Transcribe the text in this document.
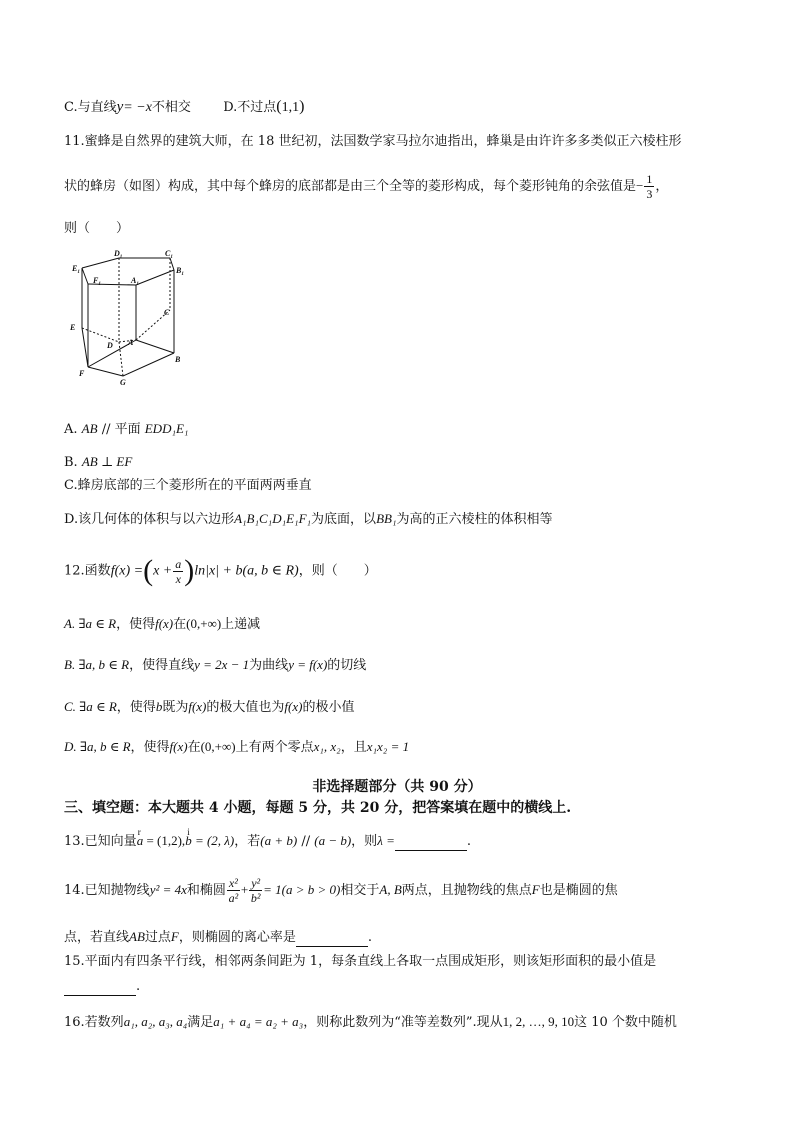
C.与直线y= −x不相交 D.不过点(1,1)
11.蜜蜂是自然界的建筑大师，在 18 世纪初，法国数学家马拉尔迪指出，蜂巢是由许许多多类似正六棱柱形
状的蜂房（如图）构成，其中每个蜂房的底部都是由三个全等的菱形构成，每个菱形钝角的余弦值是− $\frac{1}{3}$ ，
则（　　）
$D_1$	$C_1$
$E_1$	$B_1$
$F_1$	$A_1$
E
C
D A
B
F
G
A. AB // 平面 EDD₁E₁
B. AB ⊥ EF
C.蜂房底部的三个菱形所在的平面两两垂直
D.该几何体的体积与以六边形A₁B₁C₁D₁E₁F₁为底面，以BB₁为高的正六棱柱的体积相等
12.函数$f(x) =(x + \frac{a}{x} )\ln|x| + b(a$, b ∈ R)，则（　　）
A. ∃a ∈ R，使得f(x)在(0,+∞)上递减
B. ∃a, b ∈ R，使得直线y = 2x − 1为曲线y = f(x)的切线
C. ∃a ∈ R，使得b既为f(x)的极大值也为f(x)的极小值
D. ∃a, b ∈ R，使得f(x)在(0,+∞)上有两个零点x₁, x₂，且x₁x₂ = 1
非选择题部分（共 90 分）
三、填空题：本大题共 4 小题，每题 5 分，共 20 分，把答案填在题中的横线上.
13.已知向量r a = (1,2),i b = (2, λ)，若(a + b) // (a − b)，则λ =	.
14.已知抛物线y² = 4x和椭圆 $\frac{\text{x²}}{\text{a²}} + \frac{\text{y²}}{\text{b²}} = 1(a > b > 0)$相交于A, B两点，且抛物线的焦点F也是椭圆的焦
点，若直线AB过点F，则椭圆的离心率是	.
15.平面内有四条平行线，相邻两条间距为 1，每条直线上各取一点围成矩形，则该矩形面积的最小值是
.
16.若数列a₁, a₂, a₃, a₄满足a₁ + a₄ = a₂ + a₃，则称此数列为“准等差数列”.现从1, 2, …, 9, 10这 10 个数中随机
